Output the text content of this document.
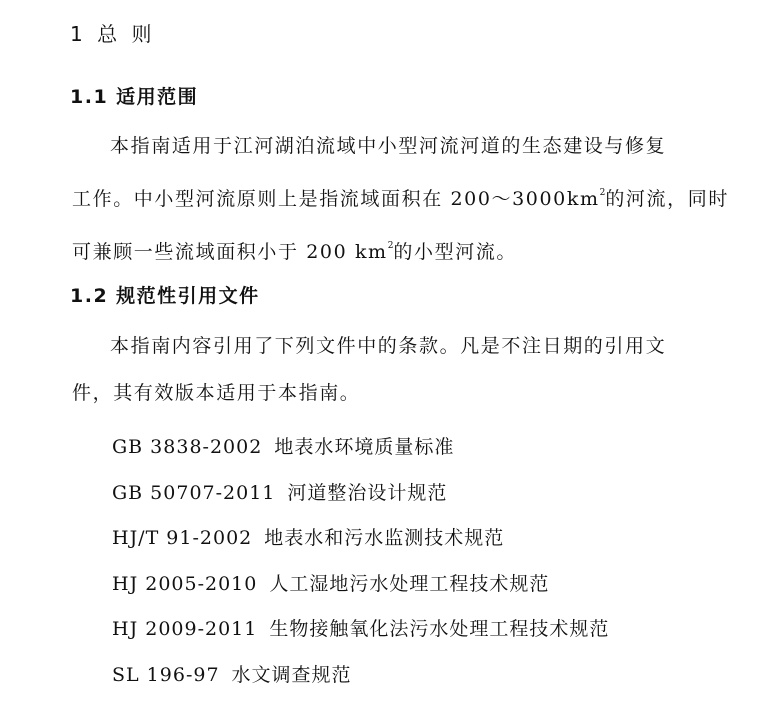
1 总 则
1.1 适用范围
本指南适用于江河湖泊流域中小型河流河道的生态建设与修复
工作。中小型河流原则上是指流域面积在 $200\sim 3000km^2$的河流，同时
可兼顾一些流域面积小于 200 $km^2$的小型河流。
1.2 规范性引用文件
本指南内容引用了下列文件中的条款。凡是不注日期的引用文
件，其有效版本适用于本指南。
GB 3838-2002 地表水环境质量标准
GB 50707-2011 河道整治设计规范
HJ/T 91-2002 地表水和污水监测技术规范
HJ 2005-2010 人工湿地污水处理工程技术规范
HJ 2009-2011 生物接触氧化法污水处理工程技术规范
SL 196-97 水文调查规范
